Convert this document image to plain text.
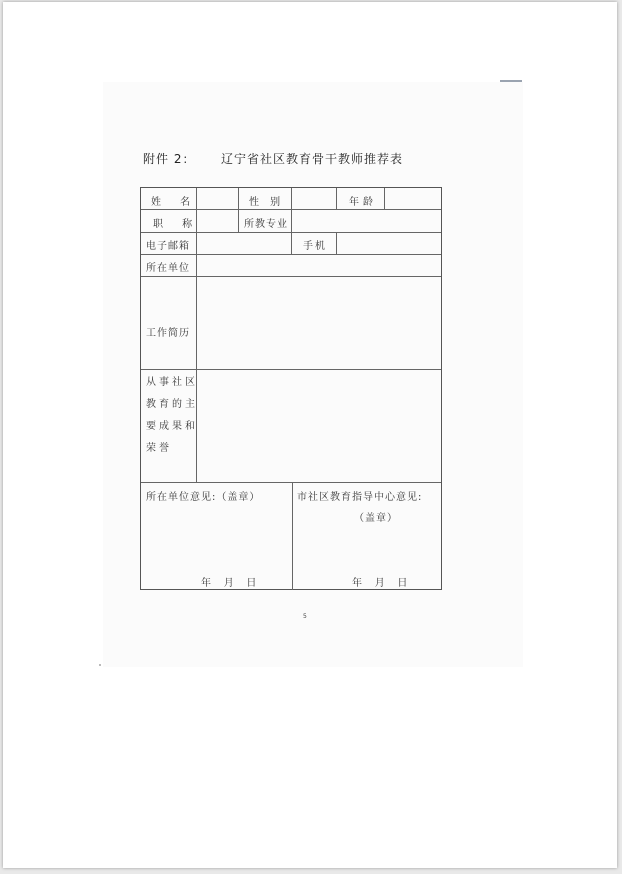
附件 2： 辽宁省社区教育骨干教师推荐表
姓 名	性 别	年龄
职 称	所教专业
电子邮箱	手机
所在单位
工作简历
从事社区
教育的主
要成果和
荣誉
所在单位意见:（盖章）
年    月    日
市社区教育指导中心意见:
（盖章）
年    月    日
5
